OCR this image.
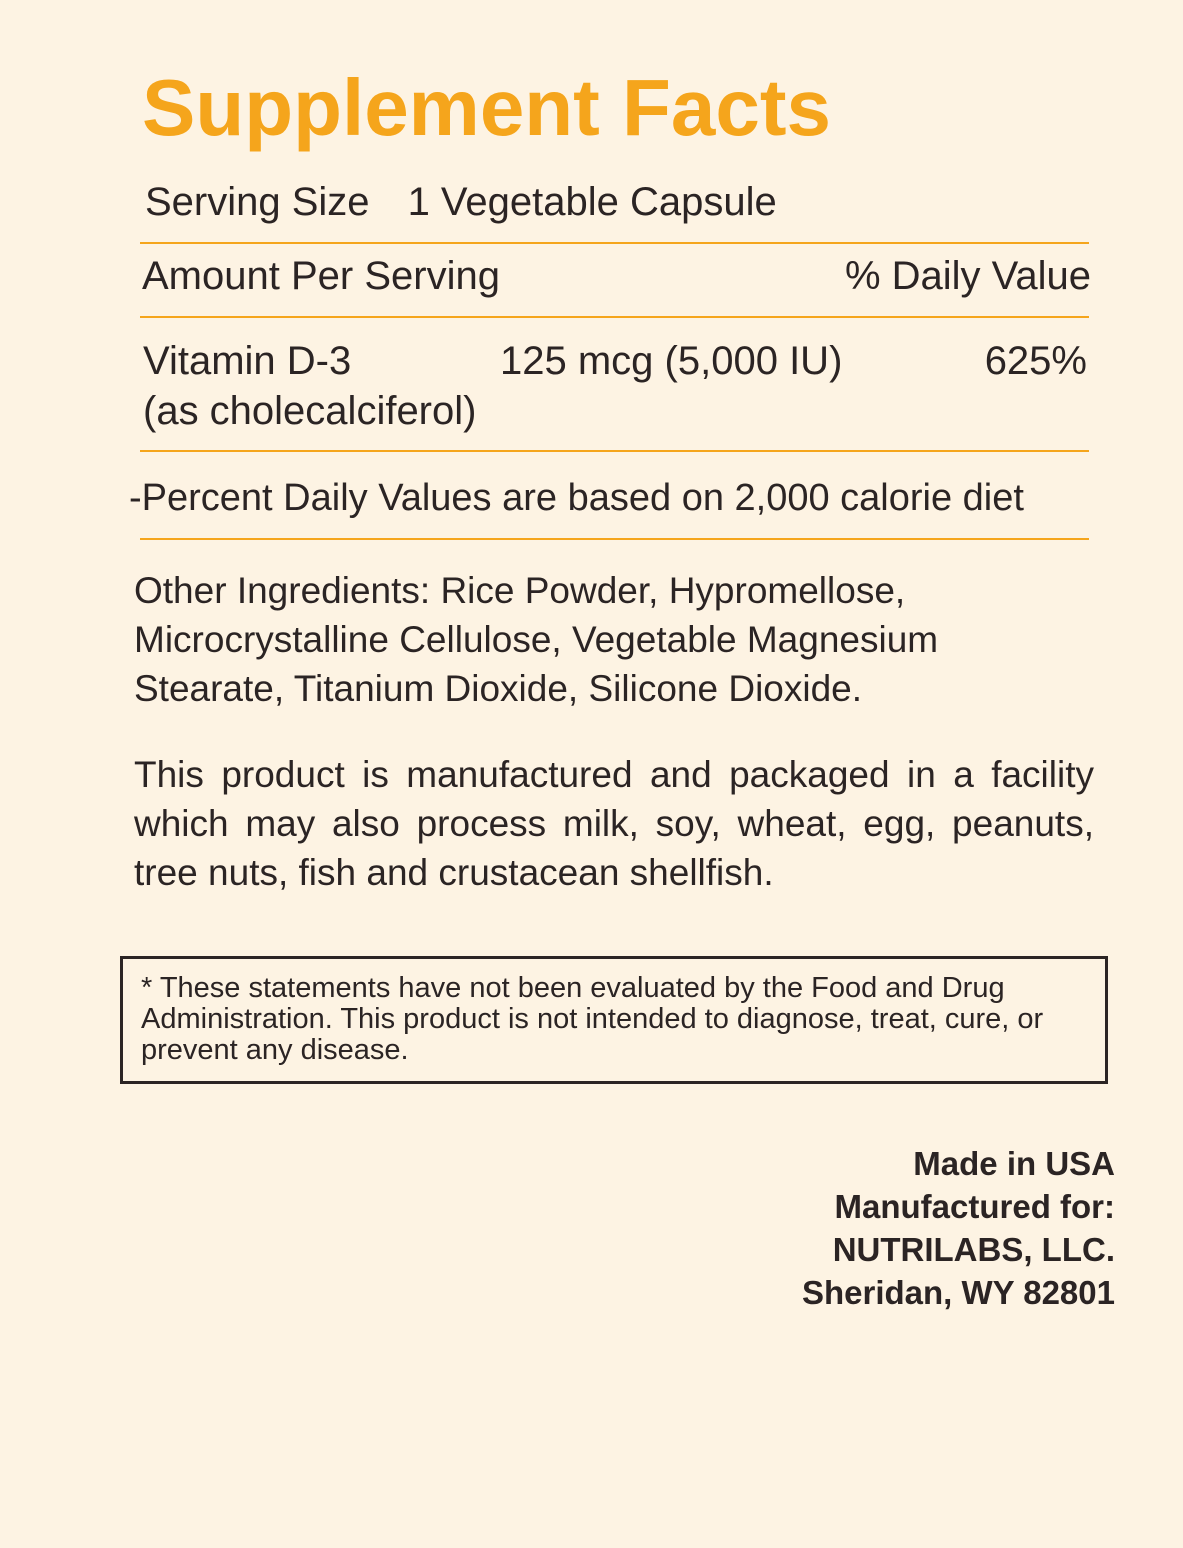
Supplement Facts
Serving Size 1 Vegetable Capsule
Amount Per Serving	% Daily Value
Vitamin D-3
(as cholecalciferol)
125 mcg (5,000 IU)	625%
-Percent Daily Values are based on 2,000 calorie diet
Other Ingredients: Rice Powder, Hypromellose, Microcrystalline Cellulose, Vegetable Magnesium Stearate, Titanium Dioxide, Silicone Dioxide.
This product is manufactured and packaged in a facility which may also process milk, soy, wheat, egg, peanuts, tree nuts, fish and crustacean shellfish.
* These statements have not been evaluated by the Food and Drug Administration. This product is not intended to diagnose, treat, cure, or prevent any disease.
Made in USA
Manufactured for:
NUTRILABS, LLC.
Sheridan, WY 82801
